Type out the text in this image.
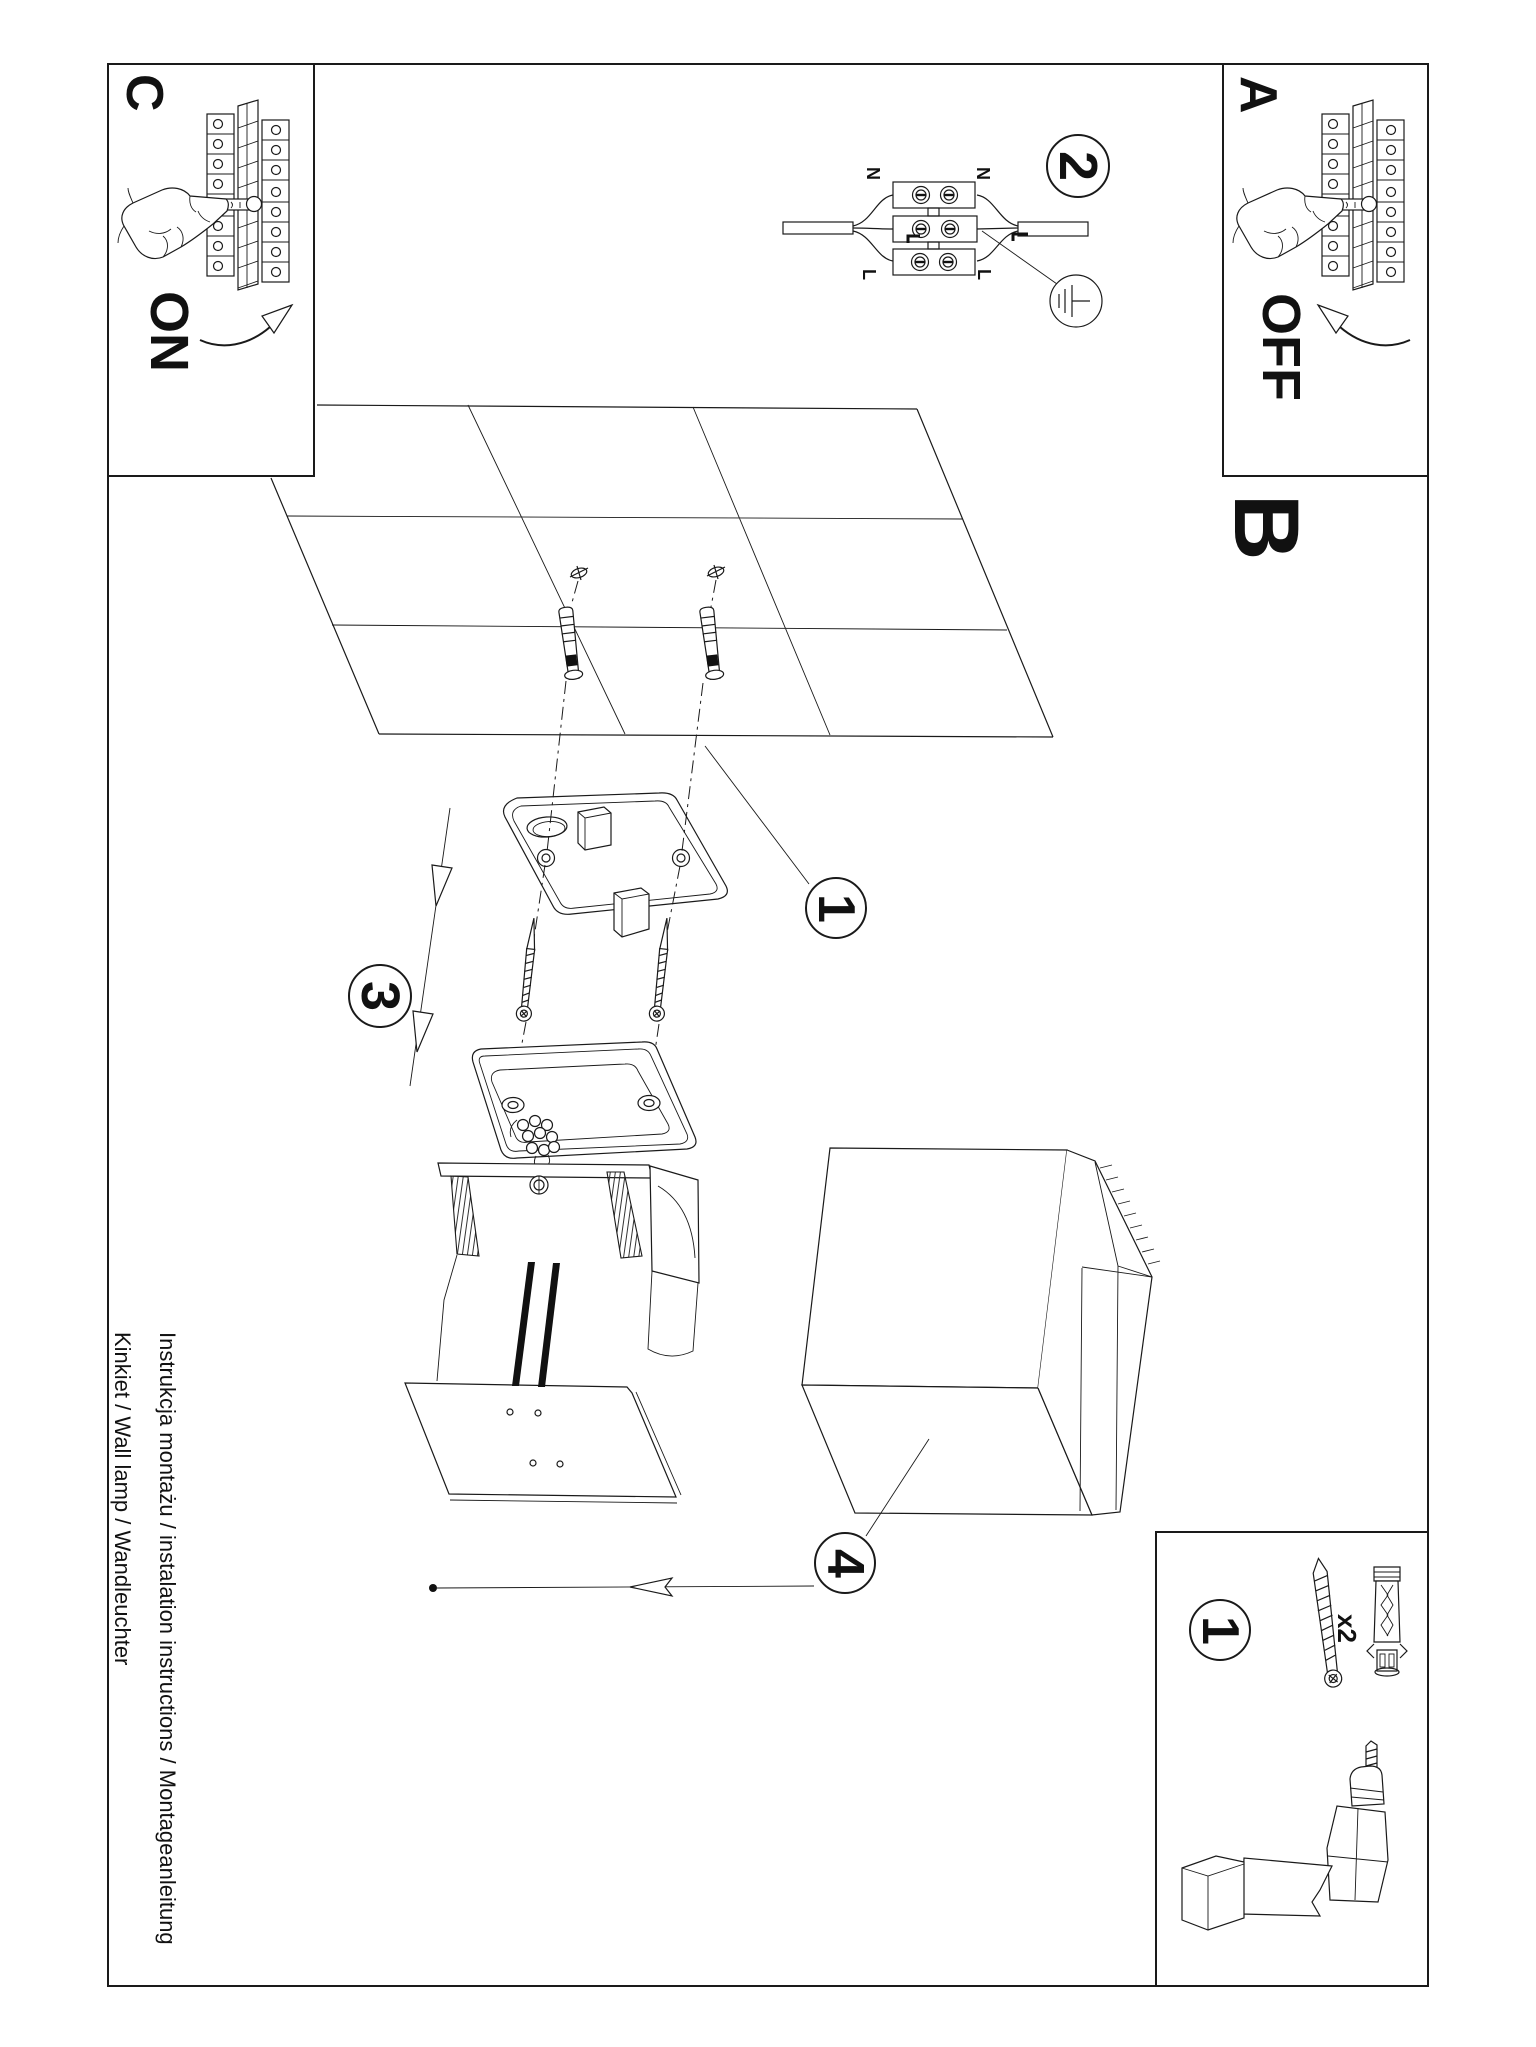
C
ON
A
OFF
B
N	N
L	L
2
1
3
4
1	x2
Instrukcja montażu / instalation instructions / Montageanleitung
Kinkiet / Wall lamp / Wandleuchter
